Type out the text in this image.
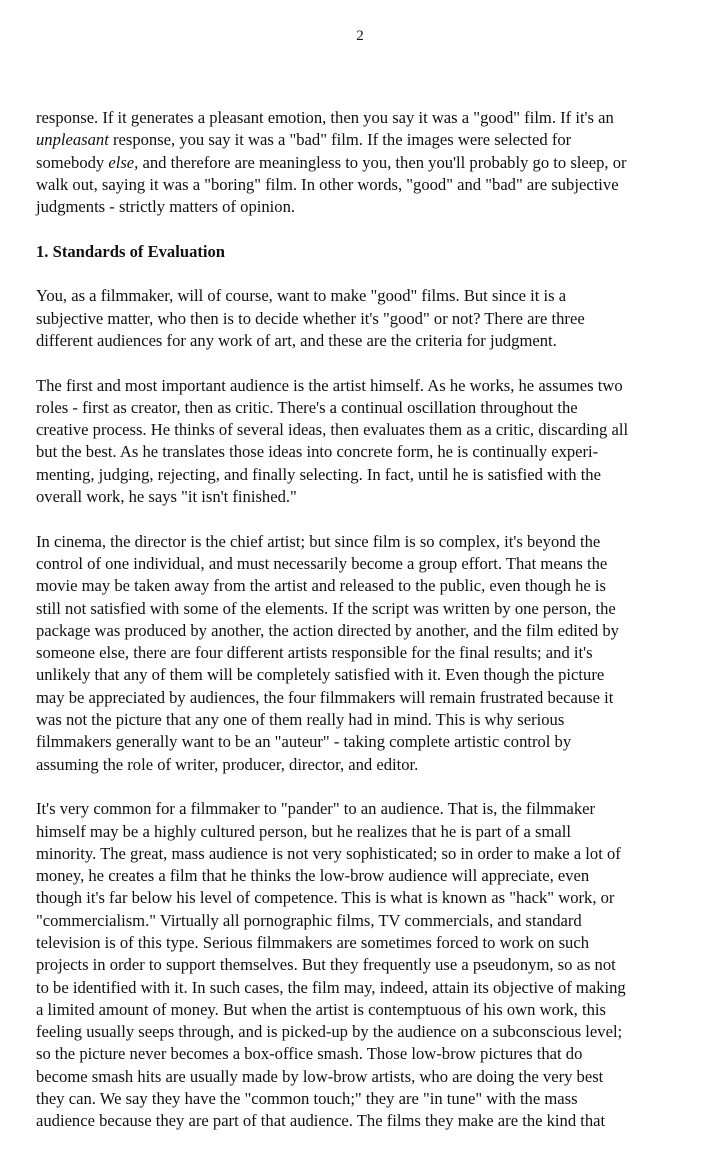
2
response. If it generates a pleasant emotion, then you say it was a "good" film. If it's an
unpleasant response, you say it was a "bad" film. If the images were selected for
somebody else, and therefore are meaningless to you, then you'll probably go to sleep, or
walk out, saying it was a "boring" film. In other words, "good" and "bad" are subjective
judgments - strictly matters of opinion.
1. Standards of Evaluation
You, as a filmmaker, will of course, want to make "good" films. But since it is a
subjective matter, who then is to decide whether it's "good" or not? There are three
different audiences for any work of art, and these are the criteria for judgment.
The first and most important audience is the artist himself. As he works, he assumes two
roles - first as creator, then as critic. There's a continual oscillation throughout the
creative process. He thinks of several ideas, then evaluates them as a critic, discarding all
but the best. As he translates those ideas into concrete form, he is continually experi-
menting, judging, rejecting, and finally selecting. In fact, until he is satisfied with the
overall work, he says "it isn't finished."
In cinema, the director is the chief artist; but since film is so complex, it's beyond the
control of one individual, and must necessarily become a group effort. That means the
movie may be taken away from the artist and released to the public, even though he is
still not satisfied with some of the elements. If the script was written by one person, the
package was produced by another, the action directed by another, and the film edited by
someone else, there are four different artists responsible for the final results; and it's
unlikely that any of them will be completely satisfied with it. Even though the picture
may be appreciated by audiences, the four filmmakers will remain frustrated because it
was not the picture that any one of them really had in mind. This is why serious
filmmakers generally want to be an "auteur" - taking complete artistic control by
assuming the role of writer, producer, director, and editor.
It's very common for a filmmaker to "pander" to an audience. That is, the filmmaker
himself may be a highly cultured person, but he realizes that he is part of a small
minority. The great, mass audience is not very sophisticated; so in order to make a lot of
money, he creates a film that he thinks the low-brow audience will appreciate, even
though it's far below his level of competence. This is what is known as "hack" work, or
"commercialism." Virtually all pornographic films, TV commercials, and standard
television is of this type. Serious filmmakers are sometimes forced to work on such
projects in order to support themselves. But they frequently use a pseudonym, so as not
to be identified with it. In such cases, the film may, indeed, attain its objective of making
a limited amount of money. But when the artist is contemptuous of his own work, this
feeling usually seeps through, and is picked-up by the audience on a subconscious level;
so the picture never becomes a box-office smash. Those low-brow pictures that do
become smash hits are usually made by low-brow artists, who are doing the very best
they can. We say they have the "common touch;" they are "in tune" with the mass
audience because they are part of that audience. The films they make are the kind that
